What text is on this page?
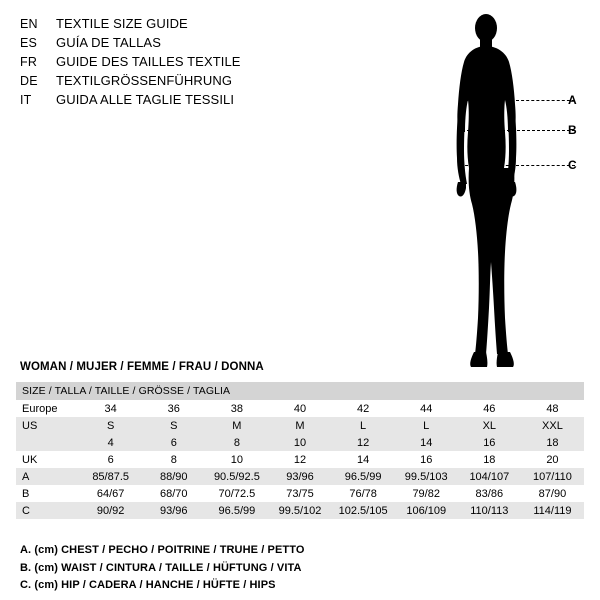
EN	TEXTILE SIZE GUIDE
ES	GUÍA DE TALLAS
FR	GUIDE DES TAILLES TEXTILE
DE	TEXTILGRÖSSENFÜHRUNG
IT	GUIDA ALLE TAGLIE TESSILI	A
B
C
WOMAN / MUJER / FEMME / FRAU / DONNA
SIZE / TALLA / TAILLE / GRÖSSE / TAGLIA								
Europe	34	36	38	40	42	44	46	48
US	S	S	M	M	L	L	XL	XXL
	4	6	8	10	12	14	16	18
UK	6	8	10	12	14	16	18	20
A	85/87.5	88/90	90.5/92.5	93/96	96.5/99	99.5/103	104/107	107/110
B	64/67	68/70	70/72.5	73/75	76/78	79/82	83/86	87/90
C	90/92	93/96	96.5/99	99.5/102	102.5/105	106/109	110/113	114/119
A. (cm) CHEST / PECHO / POITRINE / TRUHE / PETTO
B. (cm) WAIST / CINTURA / TAILLE / HÜFTUNG / VITA
C. (cm) HIP / CADERA / HANCHE / HÜFTE / HIPS
